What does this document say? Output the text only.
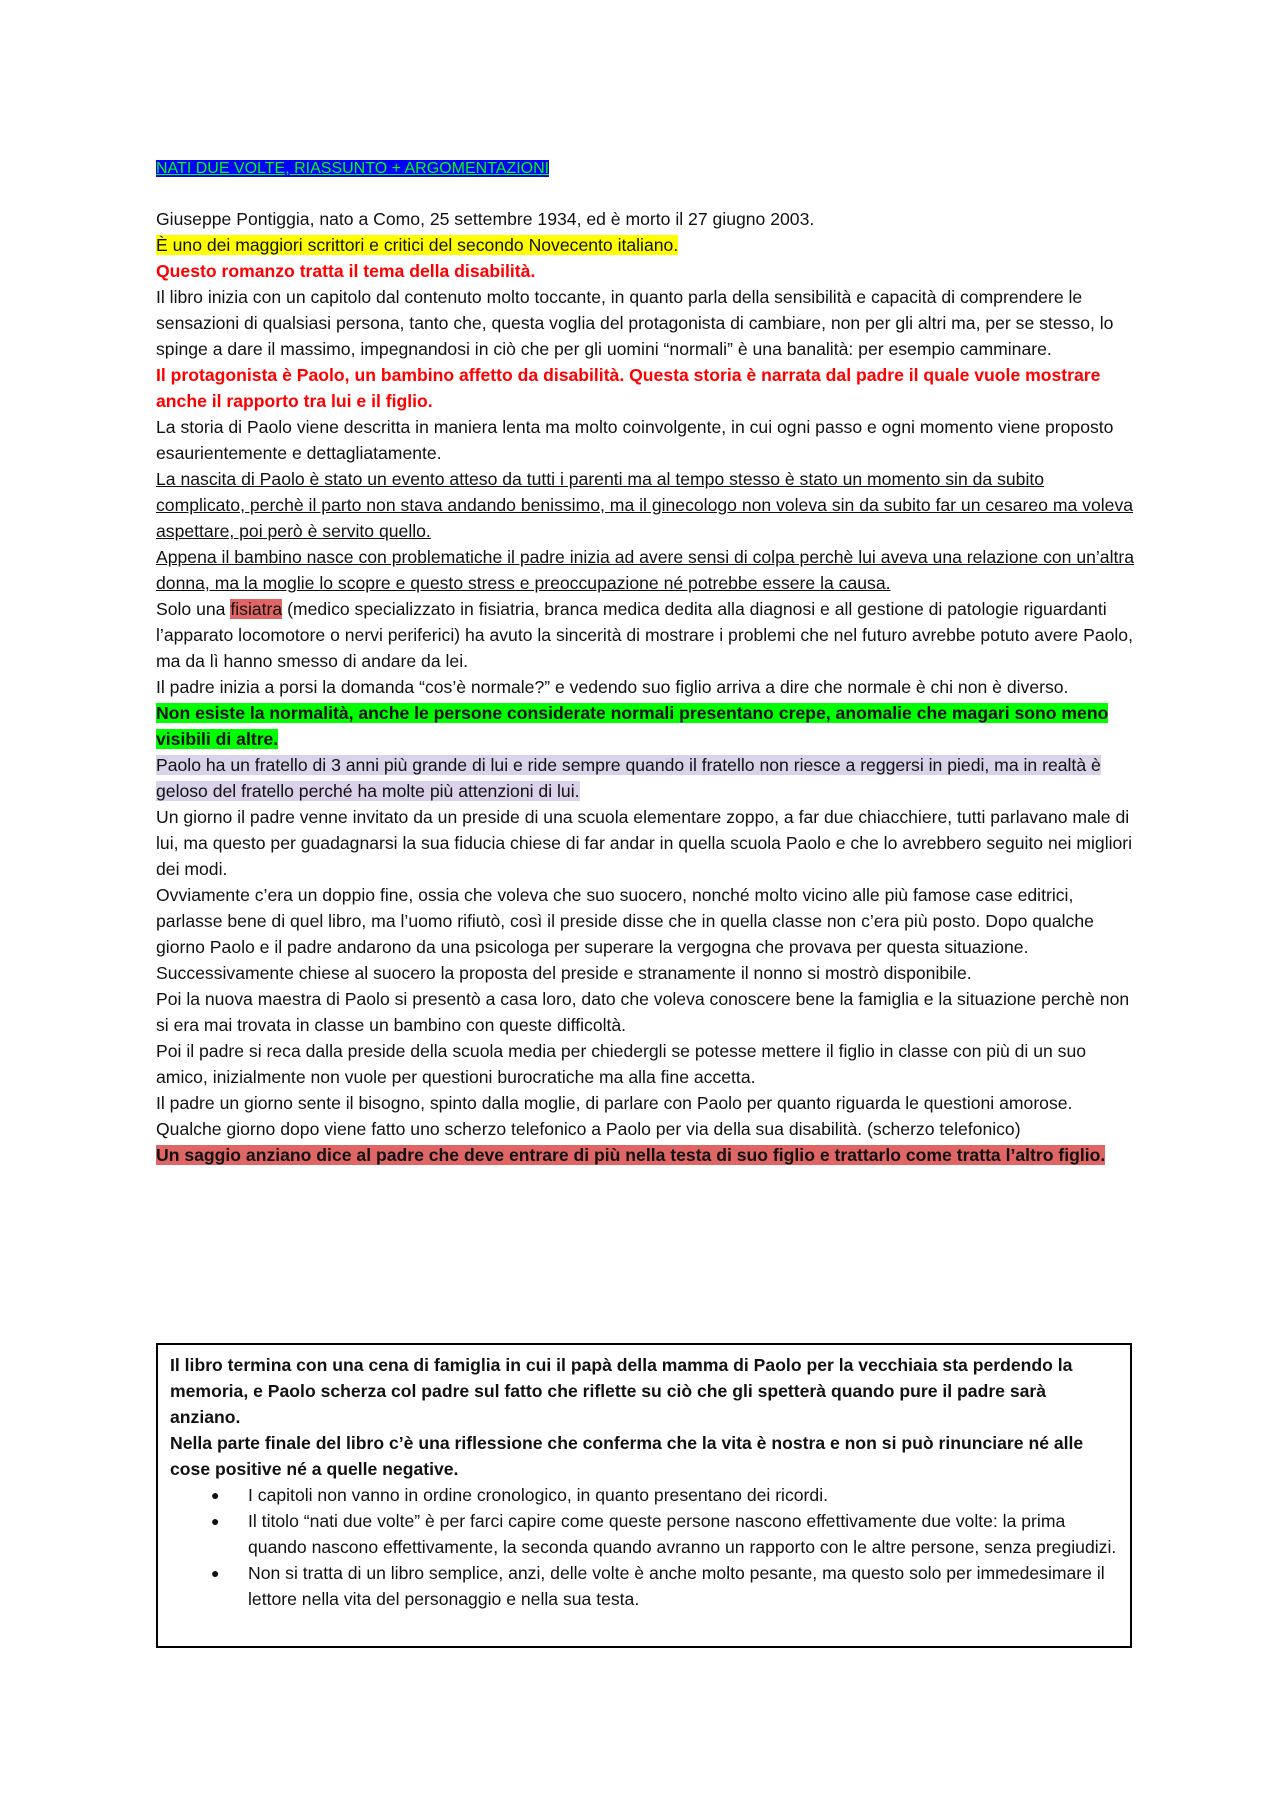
NATI DUE VOLTE, RIASSUNTO + ARGOMENTAZIONI

Giuseppe Pontiggia, nato a Como, 25 settembre 1934, ed è morto il 27 giugno 2003.

È uno dei maggiori scrittori e critici del secondo Novecento italiano.

Questo romanzo tratta il tema della disabilità.

Il libro inizia con un capitolo dal contenuto molto toccante, in quanto parla della sensibilità e capacità di comprendere le sensazioni di qualsiasi persona, tanto che, questa voglia del protagonista di cambiare, non per gli altri ma, per se stesso, lo spinge a dare il massimo, impegnandosi in ciò che per gli uomini “normali” è una banalità: per esempio camminare.

Il protagonista è Paolo, un bambino affetto da disabilità. Questa storia è narrata dal padre il quale vuole mostrare anche il rapporto tra lui e il figlio.

La storia di Paolo viene descritta in maniera lenta ma molto coinvolgente, in cui ogni passo e ogni momento viene proposto esaurientemente e dettagliatamente.

La nascita di Paolo è stato un evento atteso da tutti i parenti ma al tempo stesso è stato un momento sin da subito complicato, perchè il parto non stava andando benissimo, ma il ginecologo non voleva sin da subito far un cesareo ma voleva aspettare, poi però è servito quello.

Appena il bambino nasce con problematiche il padre inizia ad avere sensi di colpa perchè lui aveva una relazione con un’altra donna, ma la moglie lo scopre e questo stress e preoccupazione né potrebbe essere la causa.

Solo una fisiatra (medico specializzato in fisiatria, branca medica dedita alla diagnosi e all gestione di patologie riguardanti l’apparato locomotore o nervi periferici) ha avuto la sincerità di mostrare i problemi che nel futuro avrebbe potuto avere Paolo, ma da lì hanno smesso di andare da lei.

Il padre inizia a porsi la domanda “cos’è normale?” e vedendo suo figlio arriva a dire che normale è chi non è diverso.

Non esiste la normalità, anche le persone considerate normali presentano crepe, anomalie che magari sono meno visibili di altre.

Paolo ha un fratello di 3 anni più grande di lui e ride sempre quando il fratello non riesce a reggersi in piedi, ma in realtà è geloso del fratello perché ha molte più attenzioni di lui.

Un giorno il padre venne invitato da un preside di una scuola elementare zoppo, a far due chiacchiere, tutti parlavano male di lui, ma questo per guadagnarsi la sua fiducia chiese di far andar in quella scuola Paolo e che lo avrebbero seguito nei migliori dei modi.

Ovviamente c’era un doppio fine, ossia che voleva che suo suocero, nonché molto vicino alle più famose case editrici, parlasse bene di quel libro, ma l’uomo rifiutò, così il preside disse che in quella classe non c’era più posto. Dopo qualche giorno Paolo e il padre andarono da una psicologa per superare la vergogna che provava per questa situazione. Successivamente chiese al suocero la proposta del preside e stranamente il nonno si mostrò disponibile.

Poi la nuova maestra di Paolo si presentò a casa loro, dato che voleva conoscere bene la famiglia e la situazione perchè non si era mai trovata in classe un bambino con queste difficoltà.

Poi il padre si reca dalla preside della scuola media per chiedergli se potesse mettere il figlio in classe con più di un suo amico, inizialmente non vuole per questioni burocratiche ma alla fine accetta.

Il padre un giorno sente il bisogno, spinto dalla moglie, di parlare con Paolo per quanto riguarda le questioni amorose.

Qualche giorno dopo viene fatto uno scherzo telefonico a Paolo per via della sua disabilità. (scherzo telefonico)

Un saggio anziano dice al padre che deve entrare di più nella testa di suo figlio e trattarlo come tratta l’altro figlio.

Il libro termina con una cena di famiglia in cui il papà della mamma di Paolo per la vecchiaia sta perdendo la memoria, e Paolo scherza col padre sul fatto che riflette su ciò che gli spetterà quando pure il padre sarà anziano.

Nella parte finale del libro c’è una riflessione che conferma che la vita è nostra e non si può rinunciare né alle cose positive né a quelle negative.

● I capitoli non vanno in ordine cronologico, in quanto presentano dei ricordi.
● Il titolo “nati due volte” è per farci capire come queste persone nascono effettivamente due volte: la prima quando nascono effettivamente, la seconda quando avranno un rapporto con le altre persone, senza pregiudizi.
● Non si tratta di un libro semplice, anzi, delle volte è anche molto pesante, ma questo solo per immedesimare il lettore nella vita del personaggio e nella sua testa.
